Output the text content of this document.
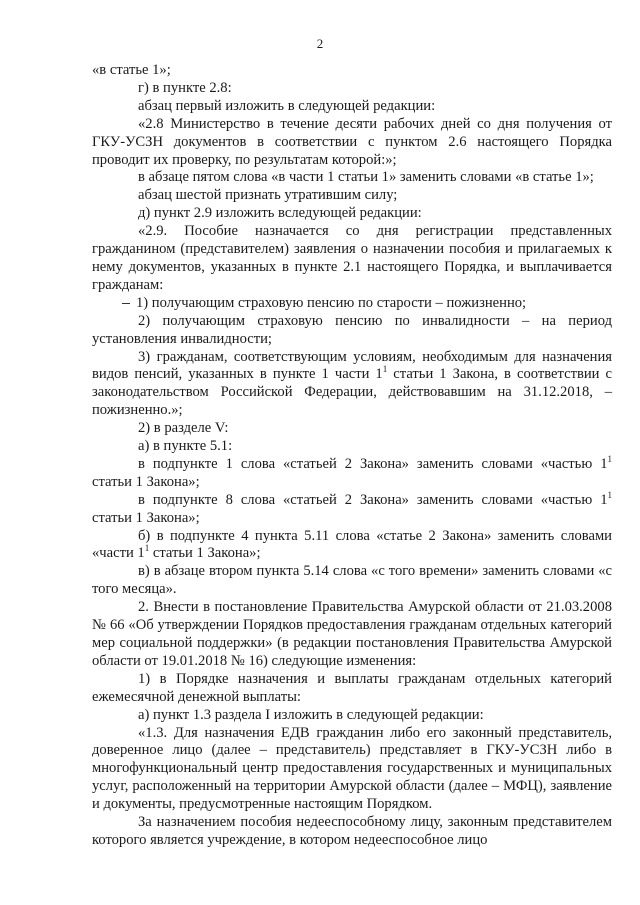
2

«в статье 1»;

г) в пункте 2.8:

абзац первый изложить в следующей редакции:

«2.8 Министерство в течение десяти рабочих дней со дня получения от ГКУ-УСЗН документов в соответствии с пунктом 2.6 настоящего Порядка проводит их проверку, по результатам которой:»;

в абзаце пятом слова «в части 1 статьи 1» заменить словами «в статье 1»;

абзац шестой признать утратившим силу;

д) пункт 2.9 изложить вследующей редакции:

«2.9. Пособие назначается со дня регистрации представленных гражданином (представителем) заявления о назначении пособия и прилагаемых к нему документов, указанных в пункте 2.1 настоящего Порядка, и выплачивается гражданам:

1) получающим страховую пенсию по старости – пожизненно;

2) получающим страховую пенсию по инвалидности – на период установления инвалидности;

3) гражданам, соответствующим условиям, необходимым для назначения видов пенсий, указанных в пункте 1 части $1^1$ статьи 1 Закона, в соответствии с законодательством Российской Федерации, действовавшим на 31.12.2018, – пожизненно.»;

2) в разделе V:

а) в пункте 5.1:

в подпункте 1 слова «статьей 2 Закона» заменить словами «частью $1^1$ статьи 1 Закона»;

в подпункте 8 слова «статьей 2 Закона» заменить словами «частью $1^1$ статьи 1 Закона»;

б) в подпункте 4 пункта 5.11 слова «статье 2 Закона» заменить словами «части $1^1$ статьи 1 Закона»;

в) в абзаце втором пункта 5.14 слова «с того времени» заменить словами «с того месяца».

2. Внести в постановление Правительства Амурской области от 21.03.2008 № 66 «Об утверждении Порядков предоставления гражданам отдельных категорий мер социальной поддержки» (в редакции постановления Правительства Амурской области от 19.01.2018 № 16) следующие изменения:

1) в Порядке назначения и выплаты гражданам отдельных категорий ежемесячной денежной выплаты:

а) пункт 1.3 раздела I изложить в следующей редакции:

«1.3. Для назначения ЕДВ гражданин либо его законный представитель, доверенное лицо (далее – представитель) представляет в ГКУ-УСЗН либо в многофункциональный центр предоставления государственных и муниципальных услуг, расположенный на территории Амурской области (далее – МФЦ), заявление и документы, предусмотренные настоящим Порядком.

За назначением пособия недееспособному лицу, законным представителем которого является учреждение, в котором недееспособное лицо
